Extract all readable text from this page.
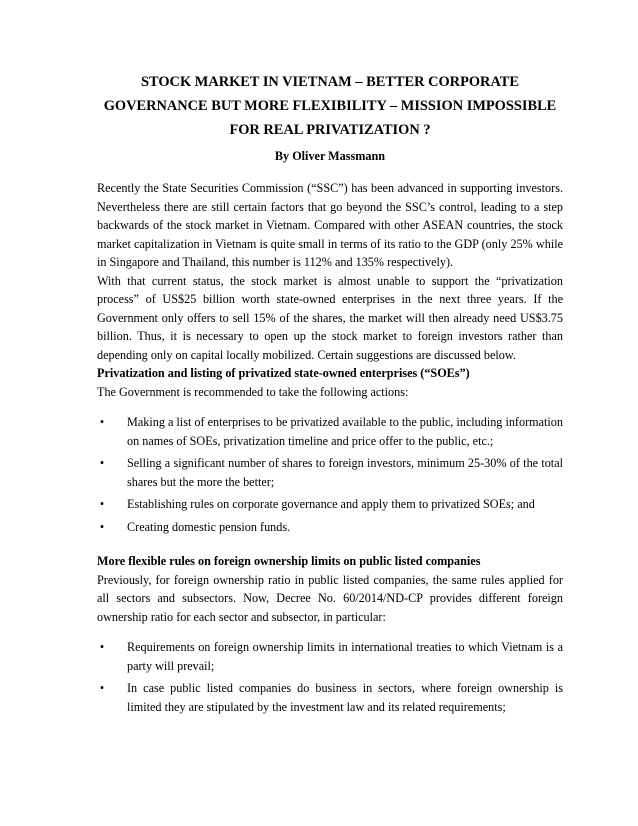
STOCK MARKET IN VIETNAM – BETTER CORPORATE
GOVERNANCE BUT MORE FLEXIBILITY – MISSION IMPOSSIBLE
FOR REAL PRIVATIZATION ?
By Oliver Massmann

Recently the State Securities Commission (“SSC”) has been advanced in supporting investors. Nevertheless there are still certain factors that go beyond the SSC’s control, leading to a step backwards of the stock market in Vietnam. Compared with other ASEAN countries, the stock market capitalization in Vietnam is quite small in terms of its ratio to the GDP (only 25% while in Singapore and Thailand, this number is 112% and 135% respectively).

With that current status, the stock market is almost unable to support the “privatization process” of US$25 billion worth state-owned enterprises in the next three years. If the Government only offers to sell 15% of the shares, the market will then already need US$3.75 billion. Thus, it is necessary to open up the stock market to foreign investors rather than depending only on capital locally mobilized. Certain suggestions are discussed below.

Privatization and listing of privatized state-owned enterprises (“SOEs”)

The Government is recommended to take the following actions:

• Making a list of enterprises to be privatized available to the public, including information on names of SOEs, privatization timeline and price offer to the public, etc.;
• Selling a significant number of shares to foreign investors, minimum 25-30% of the total shares but the more the better;
• Establishing rules on corporate governance and apply them to privatized SOEs; and
• Creating domestic pension funds.

More flexible rules on foreign ownership limits on public listed companies

Previously, for foreign ownership ratio in public listed companies, the same rules applied for all sectors and subsectors. Now, Decree No. 60/2014/ND-CP provides different foreign ownership ratio for each sector and subsector, in particular:

• Requirements on foreign ownership limits in international treaties to which Vietnam is a party will prevail;
• In case public listed companies do business in sectors, where foreign ownership is limited they are stipulated by the investment law and its related requirements;
